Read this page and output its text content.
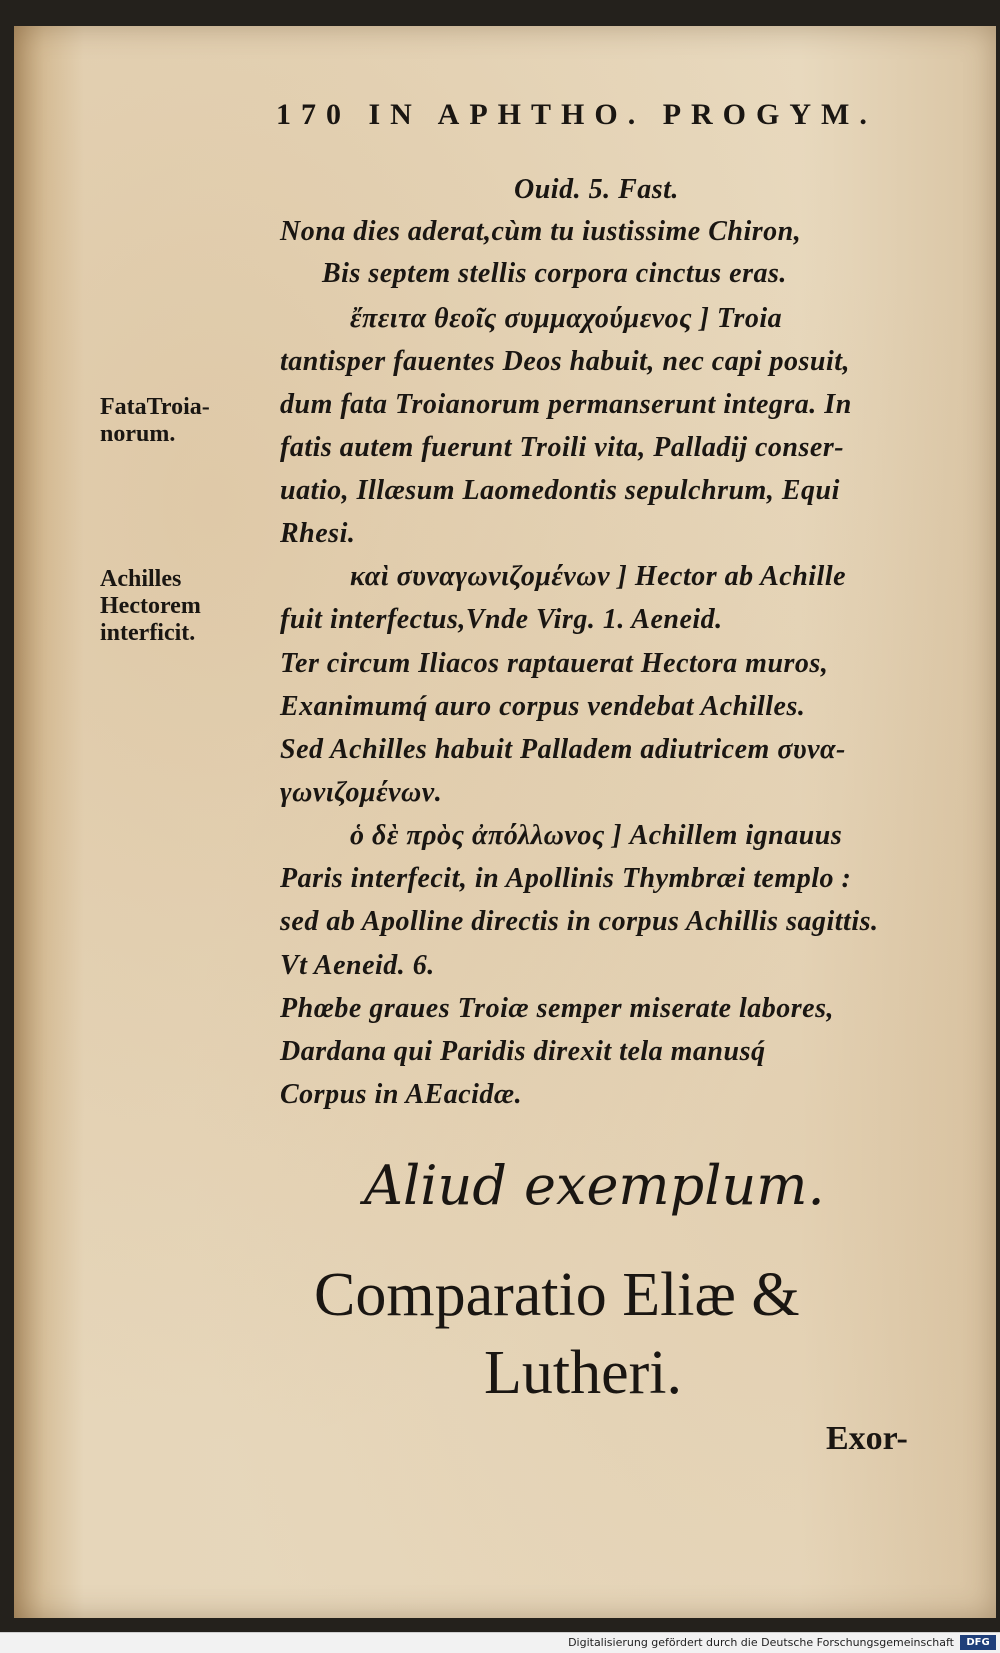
170 IN APHTHO. PROGYM.
Ouid. 5. Fast.
Nona dies aderat,cùm tu iustissime Chiron,
Bis septem stellis corpora cinctus eras.
ἔπειτα θεοῖς συμμαχούμενος ] Troia
tantisper fauentes Deos habuit, nec capi posuit,
dum fata Troianorum permanserunt integra. In
fatis autem fuerunt Troili vita, Palladij conser-
uatio, Illæsum Laomedontis sepulchrum, Equi
Rhesi.
καὶ συναγωνιζομένων ] Hector ab Achille
fuit interfectus,Vnde Virg. 1. Aeneid.
Ter circum Iliacos raptauerat Hectora muros,
Exanimumq́ auro corpus vendebat Achilles.
Sed Achilles habuit Palladem adiutricem συνα-
γωνιζομένων.
ὁ δὲ πρὸς ἀπόλλωνος ] Achillem ignauus
Paris interfecit, in Apollinis Thymbræi templo :
sed ab Apolline directis in corpus Achillis sagittis.
Vt Aeneid. 6.
Phœbe graues Troiæ semper miserate labores,
Dardana qui Paridis direxit tela manusq́
Corpus in AEacidæ.
FataTroia-
norum.
Achilles
Hectorem
interficit.
Aliud exemplum.
Comparatio Eliæ &
Lutheri.
Exor-
Digitalisierung gefördert durch die Deutsche Forschungsgemeinschaft	DFG
